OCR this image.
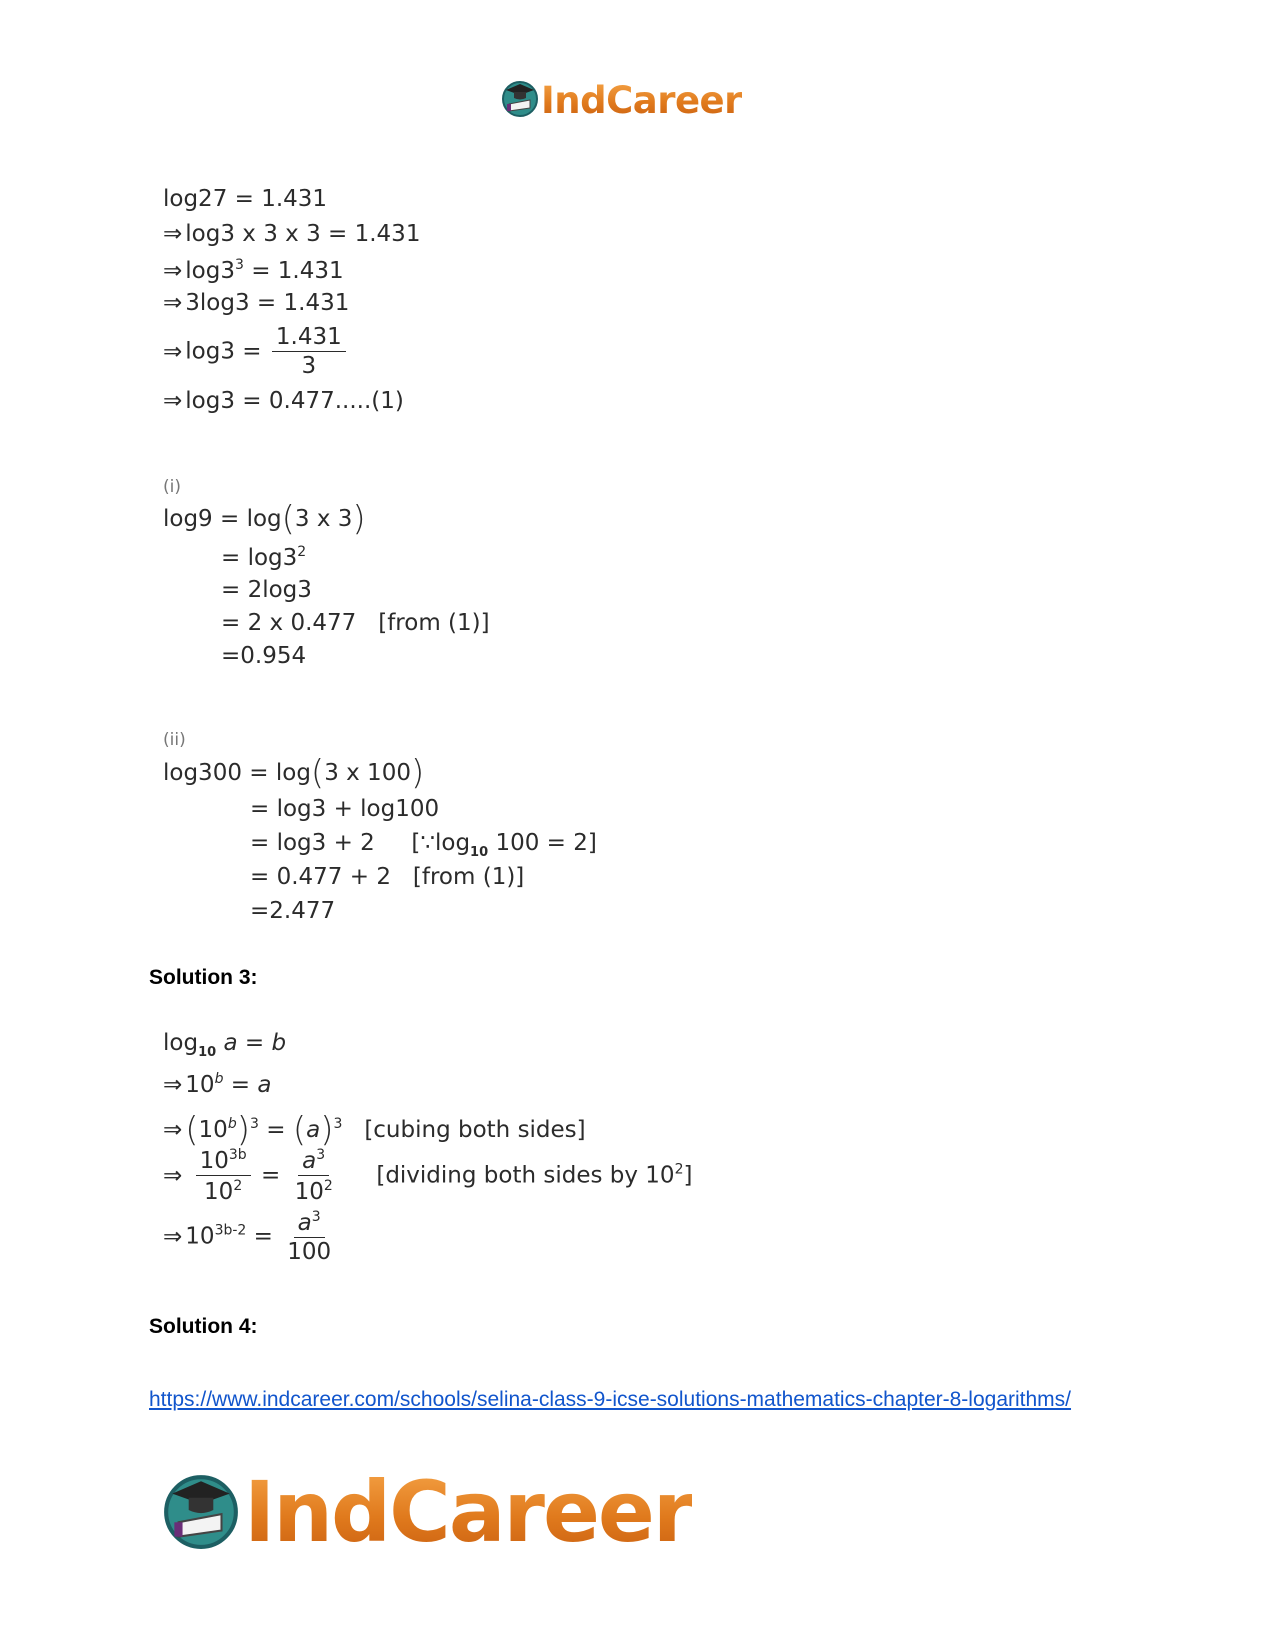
IndCareer
log27 = 1.431
⇒ log3 x 3 x 3 = 1.431
⇒ $\log 3^3 = 1.431$
⇒ 3log3 = 1.431
⇒ $\log 3 = \frac{1.431}{3}$
⇒ log3 = 0.477.....(1)
(i)
log9 = log(3 x 3)
= $\log 3^2$
= 2log3
= 2 x 0.477 [from (1)]
=0.954
(ii)
log300 = log(3 x 100)
= log3 + log100
= log3 + 2 [$\because\log_{10}$ 100 = 2]
= 0.477 + 2 [from (1)]
=2.477
Solution 3:
$\log_{10} a = b$
⇒ $10^b = a$
$\Rightarrow(10^b)^3 = (a)^3$ [cubing both sides]
⇒ $\frac{10^{3b}}{10^2} = \frac{a^3}{10^2}$ [dividing both sides by $10^2$]
⇒ $10^{3b-2} = \frac{a^3}{100}$
Solution 4:
https://www.indcareer.com/schools/selina-class-9-icse-solutions-mathematics-chapter-8-logarithms/
IndCareer
